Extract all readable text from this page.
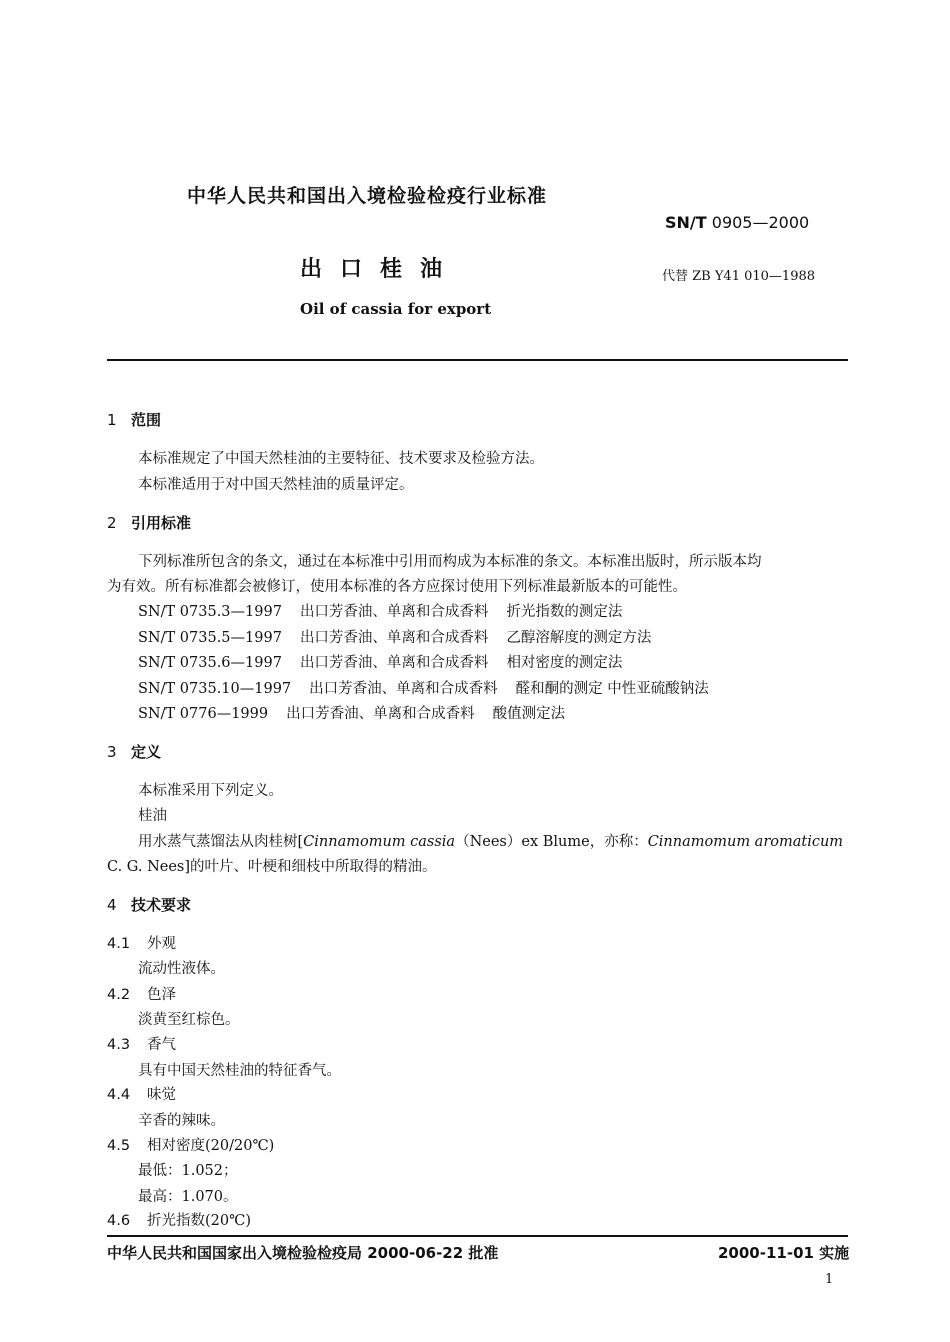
中华人民共和国出入境检验检疫行业标准
SN/T 0905—2000
出口桂油	代替 ZB Y41 010—1988
Oil of cassia for export
1 范围
本标准规定了中国天然桂油的主要特征、技术要求及检验方法。
本标准适用于对中国天然桂油的质量评定。
2 引用标准
下列标准所包含的条文，通过在本标准中引用而构成为本标准的条文。本标准出版时，所示版本均
为有效。所有标准都会被修订，使用本标准的各方应探讨使用下列标准最新版本的可能性。
SN/T 0735.3—1997 出口芳香油、单离和合成香料 折光指数的测定法
SN/T 0735.5—1997 出口芳香油、单离和合成香料 乙醇溶解度的测定方法
SN/T 0735.6—1997 出口芳香油、单离和合成香料 相对密度的测定法
SN/T 0735.10—1997 出口芳香油、单离和合成香料 醛和酮的测定 中性亚硫酸钠法
SN/T 0776—1999 出口芳香油、单离和合成香料 酸值测定法
3 定义
本标准采用下列定义。
桂油
用水蒸气蒸馏法从肉桂树[Cinnamomum cassia（Nees）ex Blume，亦称：Cinnamomum aromaticum
C. G. Nees]的叶片、叶梗和细枝中所取得的精油。
4 技术要求
4.1 外观
流动性液体。
4.2 色泽
淡黄至红棕色。
4.3 香气
具有中国天然桂油的特征香气。
4.4 味觉
辛香的辣味。
4.5 相对密度(20/20℃)
最低：1.052；
最高：1.070。
4.6 折光指数(20℃)
中华人民共和国国家出入境检验检疫局 2000-06-22 批准	2000-11-01 实施
1
